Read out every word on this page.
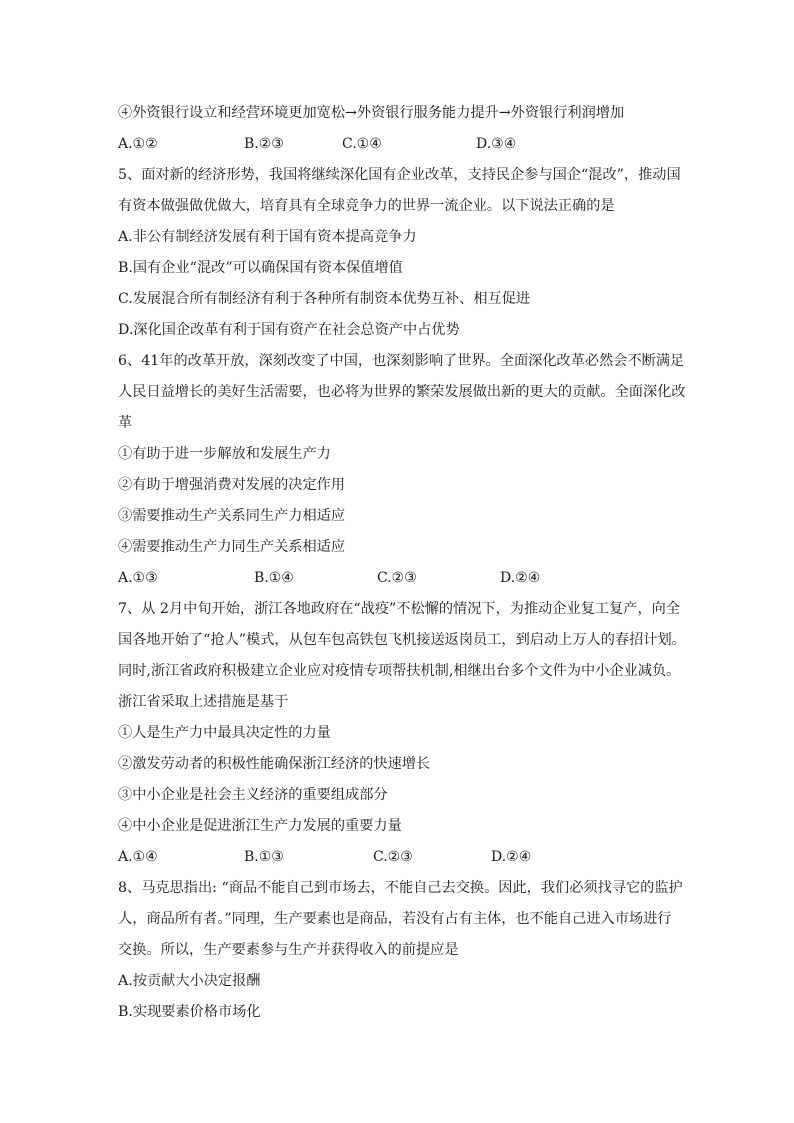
④外资银行设立和经营环境更加宽松→外资银行服务能力提升→外资银行利润增加
A.①②	B.②③	C.①④	D.③④
5、面对新的经济形势，我国将继续深化国有企业改革，支持民企参与国企“混改”，推动国
有资本做强做优做大，培育具有全球竞争力的世界一流企业。以下说法正确的是
A.非公有制经济发展有利于国有资本提高竞争力
B.国有企业“混改”可以确保国有资本保值增值
C.发展混合所有制经济有利于各种所有制资本优势互补、相互促进
D.深化国企改革有利于国有资产在社会总资产中占优势
6、41年的改革开放，深刻改变了中国，也深刻影响了世界。全面深化改革必然会不断满足
人民日益增长的美好生活需要，也必将为世界的繁荣发展做出新的更大的贡献。全面深化改
革
①有助于进一步解放和发展生产力
②有助于增强消费对发展的决定作用
③需要推动生产关系同生产力相适应
④需要推动生产力同生产关系相适应
A.①③	B.①④	C.②③	D.②④
7、从 2月中旬开始，浙江各地政府在“战疫”不松懈的情况下，为推动企业复工复产，向全
国各地开始了“抢人”模式，从包车包高铁包飞机接送返岗员工，到启动上万人的春招计划。
同时,浙江省政府积极建立企业应对疫情专项帮扶机制,相继出台多个文件为中小企业减负。
浙江省采取上述措施是基于
①人是生产力中最具决定性的力量
②激发劳动者的积极性能确保浙江经济的快速增长
③中小企业是社会主义经济的重要组成部分
④中小企业是促进浙江生产力发展的重要力量
A.①④	B.①③	C.②③	D.②④
8、马克思指出: “商品不能自己到市场去，不能自己去交换。因此，我们必须找寻它的监护
人，商品所有者。”同理，生产要素也是商品，若没有占有主体，也不能自己进入市场进行
交换。所以，生产要素参与生产并获得收入的前提应是
A.按贡献大小决定报酬
B.实现要素价格市场化
